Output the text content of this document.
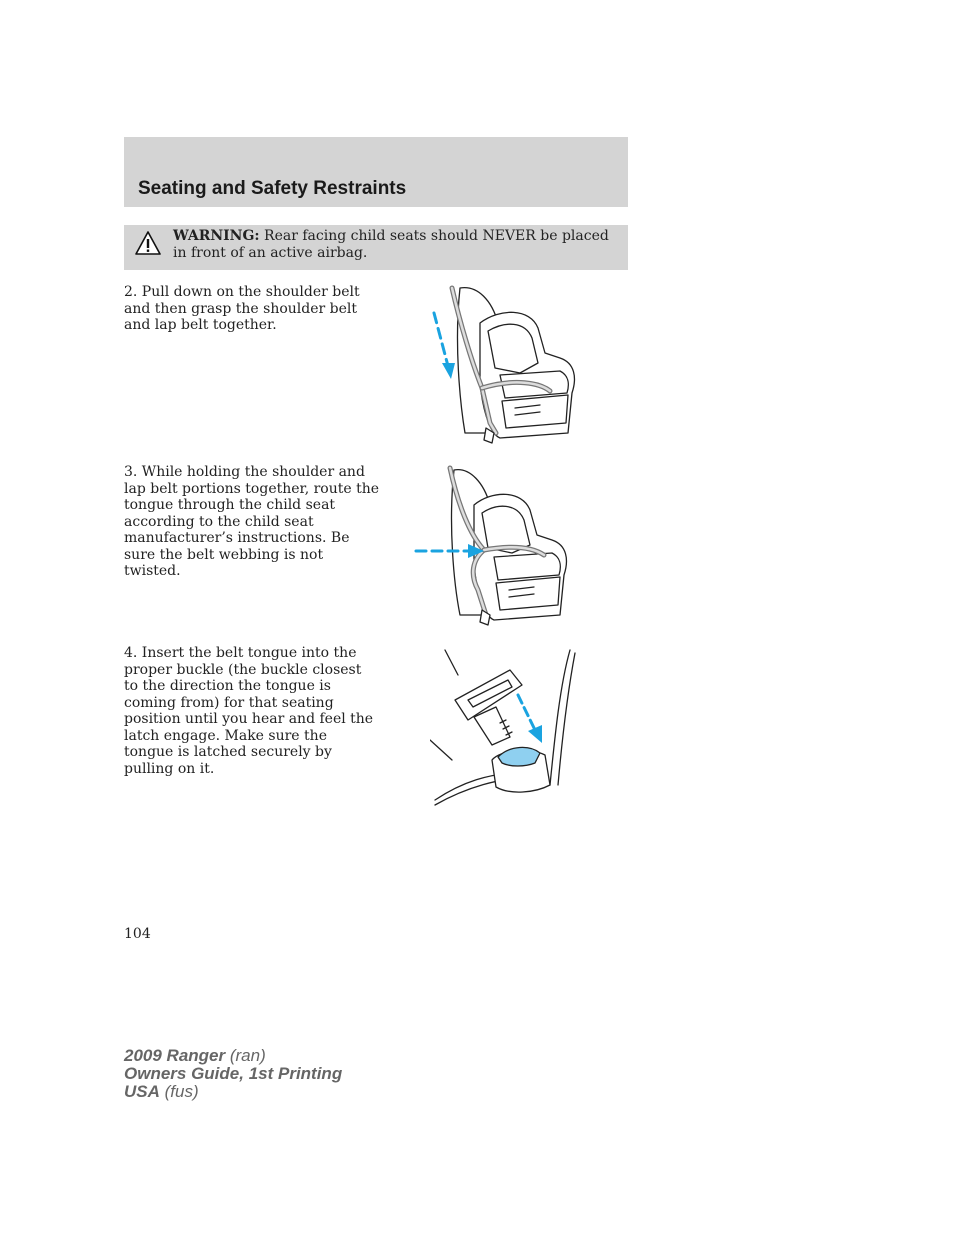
Seating and Safety Restraints
WARNING: Rear facing child seats should NEVER be placed in front of an active airbag.
2. Pull down on the shoulder belt and then grasp the shoulder belt and lap belt together.
3. While holding the shoulder and lap belt portions together, route the tongue through the child seat according to the child seat manufacturer’s instructions. Be sure the belt webbing is not twisted.
4. Insert the belt tongue into the proper buckle (the buckle closest to the direction the tongue is coming from) for that seating position until you hear and feel the latch engage. Make sure the tongue is latched securely by pulling on it.
104
2009 Ranger (ran)
Owners Guide, 1st Printing
USA (fus)
